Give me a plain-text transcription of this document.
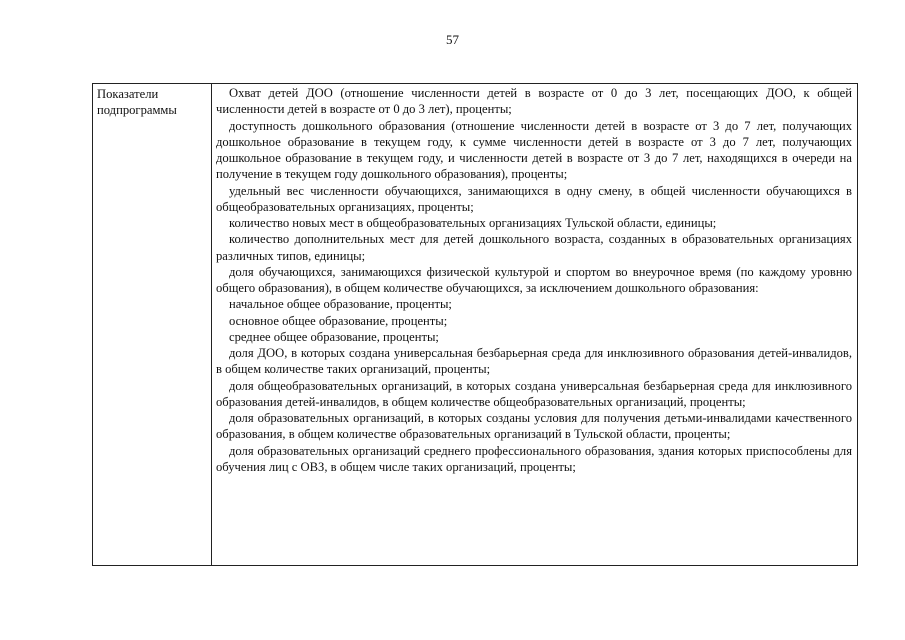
57
Показатели подпрограммы

Охват детей ДОО (отношение численности детей в возрасте от 0 до 3 лет, посещающих ДОО, к общей численности детей в возрасте от 0 до 3 лет), проценты;

доступность дошкольного образования (отношение численности детей в возрасте от 3 до 7 лет, получающих дошкольное образование в текущем году, к сумме численности детей в возрасте от 3 до 7 лет, получающих дошкольное образование в текущем году, и численности детей в возрасте от 3 до 7 лет, находящихся в очереди на получение в текущем году дошкольного образования), проценты;

удельный вес численности обучающихся, занимающихся в одну смену, в общей численности обучающихся в общеобразовательных организациях, проценты;

количество новых мест в общеобразовательных организациях Тульской области, единицы;

количество дополнительных мест для детей дошкольного возраста, созданных в образовательных организациях различных типов, единицы;

доля обучающихся, занимающихся физической культурой и спортом во внеурочное время (по каждому уровню общего образования), в общем количестве обучающихся, за исключением дошкольного образования:

начальное общее образование, проценты;

основное общее образование, проценты;

среднее общее образование, проценты;

доля ДОО, в которых создана универсальная безбарьерная среда для инклюзивного образования детей-инвалидов, в общем количестве таких организаций, проценты;

доля общеобразовательных организаций, в которых создана универсальная безбарьерная среда для инклюзивного образования детей-инвалидов, в общем количестве общеобразовательных организаций, проценты;

доля образовательных организаций, в которых созданы условия для получения детьми-инвалидами качественного образования, в общем количестве образовательных организаций в Тульской области, проценты;

доля образовательных организаций среднего профессионального образования, здания которых приспособлены для обучения лиц с ОВЗ, в общем числе таких организаций, проценты;
